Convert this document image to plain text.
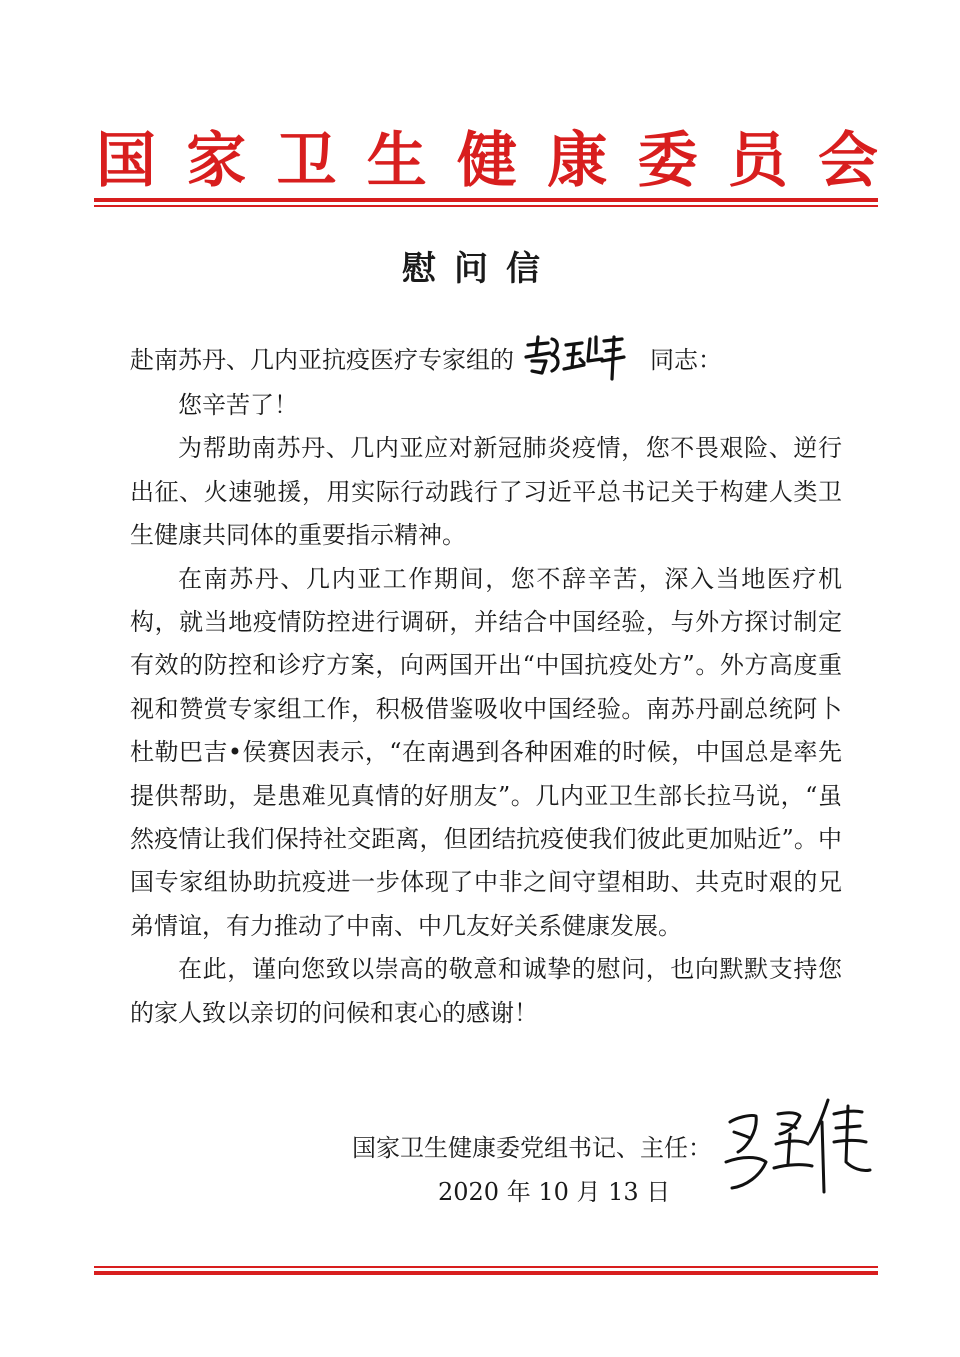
国 家 卫 生 健 康 委 员 会
慰问信
赴南苏丹、几内亚抗疫医疗专家组的	同志：

您辛苦了！

为帮助南苏丹、几内亚应对新冠肺炎疫情，您不畏艰险、逆行出征、火速驰援，用实际行动践行了习近平总书记关于构建人类卫生健康共同体的重要指示精神。

在南苏丹、几内亚工作期间，您不辞辛苦，深入当地医疗机构，就当地疫情防控进行调研，并结合中国经验，与外方探讨制定有效的防控和诊疗方案，向两国开出“中国抗疫处方”。外方高度重视和赞赏专家组工作，积极借鉴吸收中国经验。南苏丹副总统阿卜杜勒巴吉•侯赛因表示，“在南遇到各种困难的时候，中国总是率先提供帮助，是患难见真情的好朋友”。几内亚卫生部长拉马说，“虽然疫情让我们保持社交距离，但团结抗疫使我们彼此更加贴近”。中国专家组协助抗疫进一步体现了中非之间守望相助、共克时艰的兄弟情谊，有力推动了中南、中几友好关系健康发展。

在此，谨向您致以崇高的敬意和诚挚的慰问，也向默默支持您的家人致以亲切的问候和衷心的感谢！

国家卫生健康委党组书记、主任：
2020 年 10 月 13 日
